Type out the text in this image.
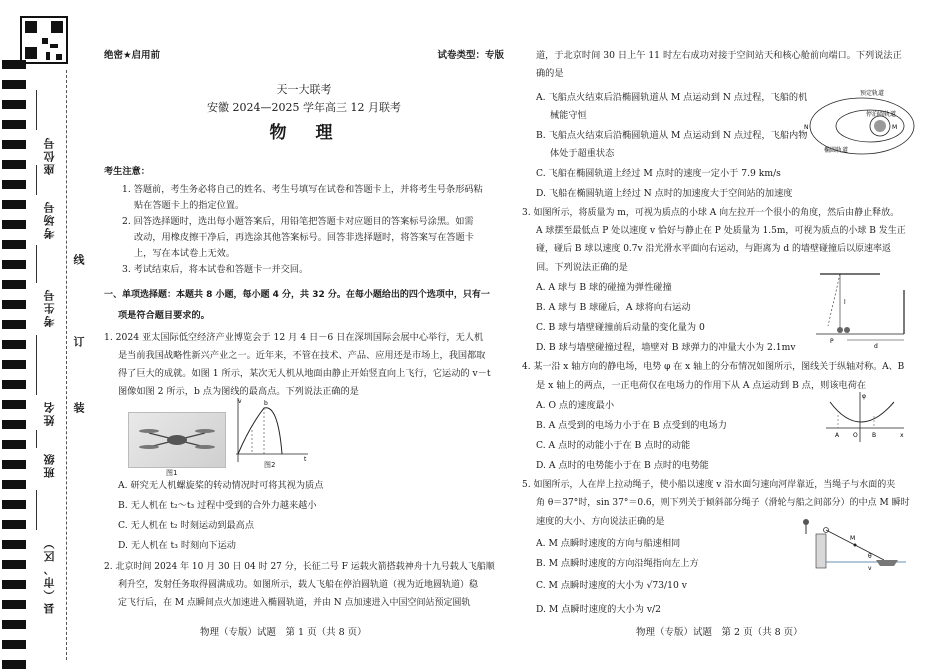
座位号
考场号
考生号
姓名
班级
县（市、区）
线
订
装
绝密★启用前	试卷类型：专版
天一大联考
安徽 2024—2025 学年高三 12 月联考
物　理
考生注意：
1. 答题前，考生务必将自己的姓名、考生号填写在试卷和答题卡上，并将考生号条形码粘
贴在答题卡上的指定位置。
2. 回答选择题时，选出每小题答案后，用铅笔把答题卡对应题目的答案标号涂黑。如需
改动，用橡皮擦干净后，再选涂其他答案标号。回答非选择题时，将答案写在答题卡
上，写在本试卷上无效。
3. 考试结束后，将本试卷和答题卡一并交回。
一、单项选择题：本题共 8 小题，每小题 4 分，共 32 分。在每小题给出的四个选项中，只有一
项是符合题目要求的。
1. 2024 亚太国际低空经济产业博览会于 12 月 4 日－6 日在深圳国际会展中心举行，无人机
是当前我国战略性新兴产业之一。近年来，不管在技术、产品、应用还是市场上，我国都取
得了巨大的成就。如图 1 所示，某次无人机从地面由静止开始竖直向上飞行，它运动的 v－t
图像如图 2 所示，b 点为图线的最高点。下列说法正确的是
A. 研究无人机螺旋桨的转动情况时可将其视为质点
B. 无人机在 t₂～t₃ 过程中受到的合外力越来越小
C. 无人机在 t₂ 时刻运动到最高点
D. 无人机在 t₃ 时刻向下运动
2. 北京时间 2024 年 10 月 30 日 04 时 27 分，长征二号 F 运载火箭搭载神舟十九号载人飞船顺
利升空，发射任务取得圆满成功。如图所示，载人飞船在停泊圆轨道（视为近地圆轨道）稳
定飞行后，在 M 点瞬间点火加速进入椭圆轨道，并由 N 点加速进入中国空间站预定圆轨
图1
v
t
b
图2
物理（专版）试题　第 1 页（共 8 页）
道，于北京时间 30 日上午 11 时左右成功对接于空间站天和核心舱前向端口。下列说法正
确的是
A. 飞船点火结束后沿椭圆轨道从 M 点运动到 N 点过程，飞船的机
械能守恒
B. 飞船点火结束后沿椭圆轨道从 M 点运动到 N 点过程，飞船内物
体处于超重状态
C. 飞船在椭圆轨道上经过 M 点时的速度一定小于 7.9 km/s
D. 飞船在椭圆轨道上经过 N 点时的加速度大于空间站的加速度
3. 如图所示，将质量为 m，可视为质点的小球 A 向左拉开一个很小的角度，然后由静止释放。
A 球摆至最低点 P 处以速度 v 恰好与静止在 P 处质量为 1.5m，可视为质点的小球 B 发生正
碰，碰后 B 球以速度 0.7v 沿光滑水平面向右运动，与距离为 d 的墙壁碰撞后以原速率返
回。下列说法正确的是
A. A 球与 B 球的碰撞为弹性碰撞
B. A 球与 B 球碰后，A 球将向右运动
C. B 球与墙壁碰撞前后动量的变化量为 0
D. B 球与墙壁碰撞过程，墙壁对 B 球弹力的冲量大小为 2.1mv
4. 某一沿 x 轴方向的静电场，电势 φ 在 x 轴上的分布情况如图所示，图线关于纵轴对称。A、B
是 x 轴上的两点，一正电荷仅在电场力的作用下从 A 点运动到 B 点，则该电荷在
A. O 点的速度最小
B. A 点受到的电场力小于在 B 点受到的电场力
C. A 点时的动能小于在 B 点时的动能
D. A 点时的电势能小于在 B 点时的电势能
5. 如图所示，人在岸上拉动绳子，使小船以速度 v 沿水面匀速向河岸靠近，当绳子与水面的夹
角 θ＝37°时，sin 37°＝0.6，则下列关于倾斜部分绳子（滑轮与船之间部分）的中点 M 瞬时
速度的大小、方向说法正确的是
A. M 点瞬时速度的方向与船速相同
B. M 点瞬时速度的方向沿绳指向左上方
C. M 点瞬时速度的大小为 √73/10 v
D. M 点瞬时速度的大小为 v/2
预定轨道
停泊圆轨道
椭圆轨道
N	M
l
P
d
φ
A O B	x
M
θ
v
物理（专版）试题　第 2 页（共 8 页）
